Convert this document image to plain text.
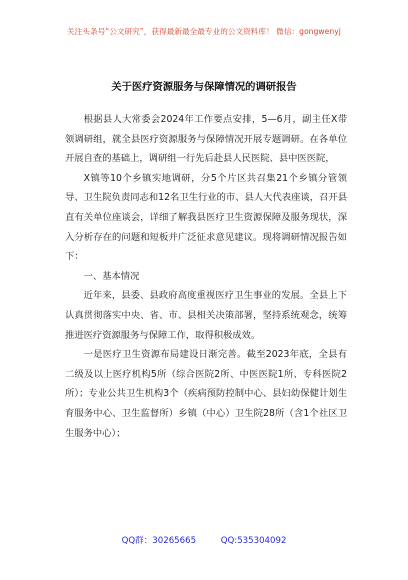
关注头条号“公文研究”，获得最新最全最专业的公文资料库！ 微信：gongwenyj
关于医疗资源服务与保障情况的调研报告

根据县人大常委会2024年工作要点安排，5—6月，副主任X带领调研组，就全县医疗资源服务与保障情况开展专题调研。在各单位开展自查的基础上，调研组一行先后赴县人民医院、县中医医院，

X镇等10个乡镇实地调研，分5个片区共召集21个乡镇分管领导、卫生院负责同志和12名卫生行业的市、县人大代表座谈，召开县直有关单位座谈会，详细了解我县医疗卫生资源保障及服务现状，深入分析存在的问题和短板并广泛征求意见建议。现将调研情况报告如下：

一、基本情况

近年来，县委、县政府高度重视医疗卫生事业的发展。全县上下认真贯彻落实中央、省、市、县相关决策部署，坚持系统观念，统筹推进医疗资源服务与保障工作，取得积极成效。

一是医疗卫生资源布局建设日渐完善。截至2023年底，全县有二级及以上医疗机构5所（综合医院2所、中医医院1所、专科医院2所）；专业公共卫生机构3个（疾病预防控制中心、县妇幼保健计划生育服务中心、卫生监督所）乡镇（中心）卫生院28所（含1个社区卫生服务中心）；

QQ群：30265665	QQ:535304092
